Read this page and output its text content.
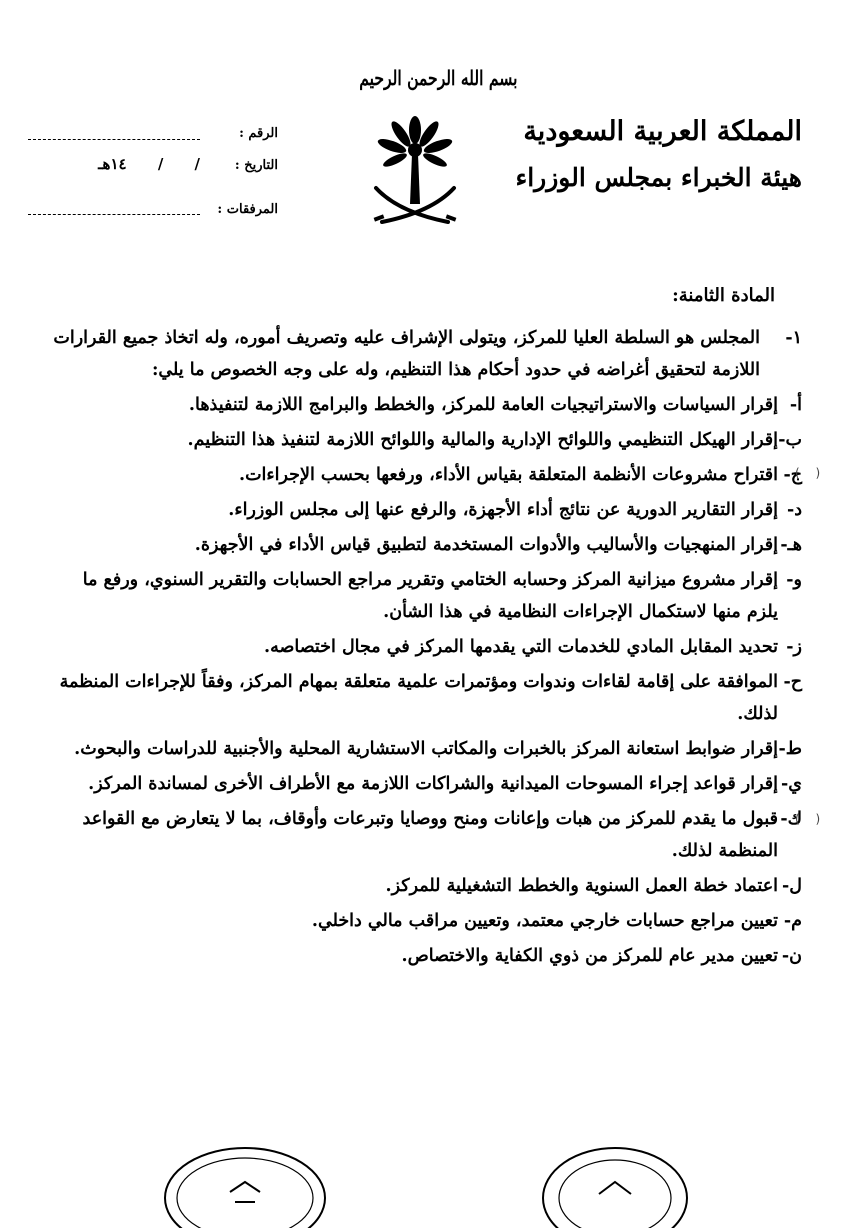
بسم الله الرحمن الرحيم
المملكة العربية السعودية
هيئة الخبراء بمجلس الوزراء
الرقم :
التاريخ :
/ / ١٤هـ
المرفقات :
المادة الثامنة:
١-
المجلس هو السلطة العليا للمركز، ويتولى الإشراف عليه وتصريف أموره، وله اتخاذ جميع القرارات اللازمة لتحقيق أغراضه في حدود أحكام هذا التنظيم، وله على وجه الخصوص ما يلي:
أ-
إقرار السياسات والاستراتيجيات العامة للمركز، والخطط والبرامج اللازمة لتنفيذها.
ب-
إقرار الهيكل التنظيمي واللوائح الإدارية والمالية واللوائح اللازمة لتنفيذ هذا التنظيم.
ج-
اقتراح مشروعات الأنظمة المتعلقة بقياس الأداء، ورفعها بحسب الإجراءات.
د-
إقرار التقارير الدورية عن نتائج أداء الأجهزة، والرفع عنها إلى مجلس الوزراء.
هـ-
إقرار المنهجيات والأساليب والأدوات المستخدمة لتطبيق قياس الأداء في الأجهزة.
و-
إقرار مشروع ميزانية المركز وحسابه الختامي وتقرير مراجع الحسابات والتقرير السنوي، ورفع ما يلزم منها لاستكمال الإجراءات النظامية في هذا الشأن.
ز-
تحديد المقابل المادي للخدمات التي يقدمها المركز في مجال اختصاصه.
ح-
الموافقة على إقامة لقاءات وندوات ومؤتمرات علمية متعلقة بمهام المركز، وفقاً للإجراءات المنظمة لذلك.
ط-
إقرار ضوابط استعانة المركز بالخبرات والمكاتب الاستشارية المحلية والأجنبية للدراسات والبحوث.
ي-
إقرار قواعد إجراء المسوحات الميدانية والشراكات اللازمة مع الأطراف الأخرى لمساندة المركز.
ك-
قبول ما يقدم للمركز من هبات وإعانات ومنح ووصايا وتبرعات وأوقاف، بما لا يتعارض مع القواعد المنظمة لذلك.
ل-
اعتماد خطة العمل السنوية والخطط التشغيلية للمركز.
م-
تعيين مراجع حسابات خارجي معتمد، وتعيين مراقب مالي داخلي.
ن-
تعيين مدير عام للمركز من ذوي الكفاية والاختصاص.
( )
( )
